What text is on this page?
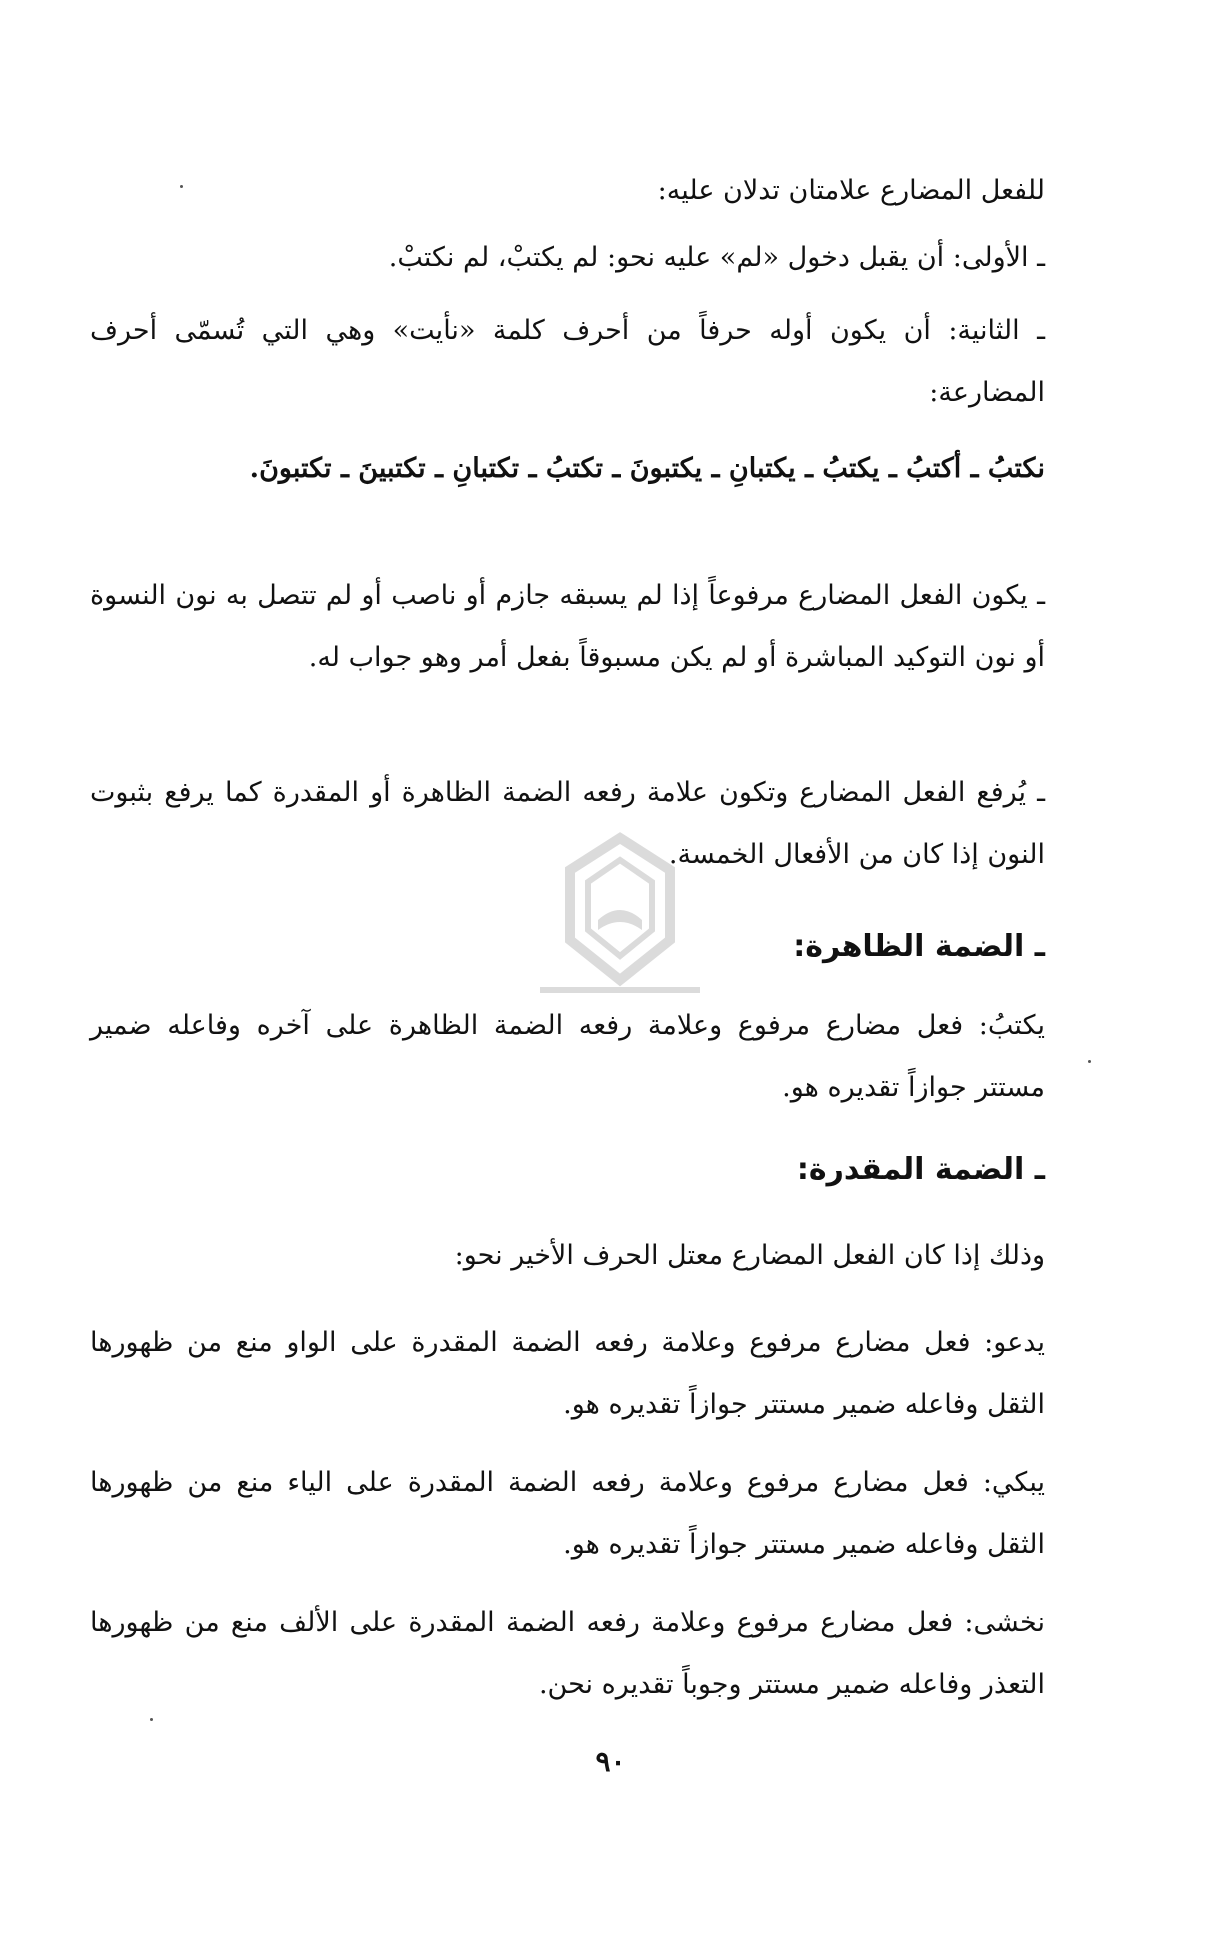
للفعل المضارع علامتان تدلان عليه:
ـ الأولى: أن يقبل دخول «لم» عليه نحو: لم يكتبْ، لم نكتبْ.
ـ الثانية: أن يكون أوله حرفاً من أحرف كلمة «نأيت» وهي التي تُسمّى أحرف المضارعة:
نكتبُ ـ أكتبُ ـ يكتبُ ـ يكتبانِ ـ يكتبونَ ـ تكتبُ ـ تكتبانِ ـ تكتبينَ ـ تكتبونَ.
ـ يكون الفعل المضارع مرفوعاً إذا لم يسبقه جازم أو ناصب أو لم تتصل به نون النسوة أو نون التوكيد المباشرة أو لم يكن مسبوقاً بفعل أمر وهو جواب له.
ـ يُرفع الفعل المضارع وتكون علامة رفعه الضمة الظاهرة أو المقدرة كما يرفع بثبوت النون إذا كان من الأفعال الخمسة.
ـ الضمة الظاهرة:
يكتبُ: فعل مضارع مرفوع وعلامة رفعه الضمة الظاهرة على آخره وفاعله ضمير مستتر جوازاً تقديره هو.
ـ الضمة المقدرة:
وذلك إذا كان الفعل المضارع معتل الحرف الأخير نحو:
يدعو: فعل مضارع مرفوع وعلامة رفعه الضمة المقدرة على الواو منع من ظهورها الثقل وفاعله ضمير مستتر جوازاً تقديره هو.
يبكي: فعل مضارع مرفوع وعلامة رفعه الضمة المقدرة على الياء منع من ظهورها الثقل وفاعله ضمير مستتر جوازاً تقديره هو.
نخشى: فعل مضارع مرفوع وعلامة رفعه الضمة المقدرة على الألف منع من ظهورها التعذر وفاعله ضمير مستتر وجوباً تقديره نحن.
٩٠
